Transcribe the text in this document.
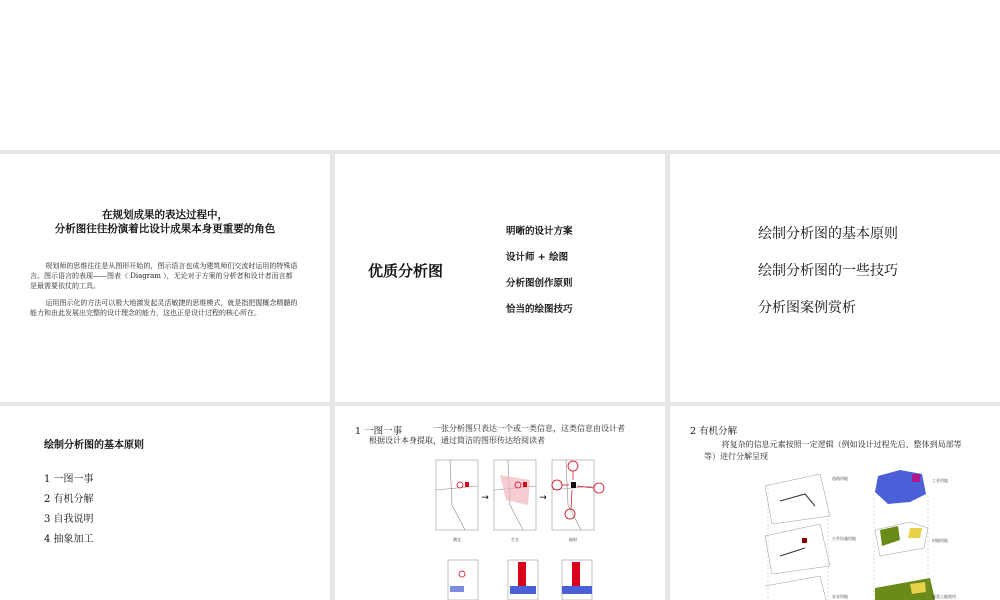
在规划成果的表达过程中，
分析图往往扮演着比设计成果本身更重要的角色
规划师的思维往往是从图形开始的，图示语言也成为建筑师们交流时运用的特殊语言。图示语言的表现——图表（ Diagram ），无论对于方案的分析者和设计者而言都是最需要依仗的工具。
运用图示化的方法可以极大地激发起灵活敏捷的思维模式，就是指把握概念精髓的能力和由此发展出完整的设计理念的能力，这也正是设计过程的核心所在。
优质分析图
明晰的设计方案
设计师 + 绘图
分析图创作原则
恰当的绘图技巧
绘制分析图的基本原则
绘制分析图的一些技巧
分析图案例赏析
绘制分析图的基本原则
1 一图一事
2 有机分解
3 自我说明
4 抽象加工
1 一图一事	一张分析图只表达一个或一类信息，这类信息由设计者根据设计本身提取，通过简洁的图形传达给阅读者
溯北
→
生长
→
辐射
2 有机分解
将复杂的信息元素按照一定逻辑（例如设计过程先后、整体到局部等等）进行分解呈现
道路用地
公共设施用地
农业用地
工业用地
村镇用地
现状土地使用
